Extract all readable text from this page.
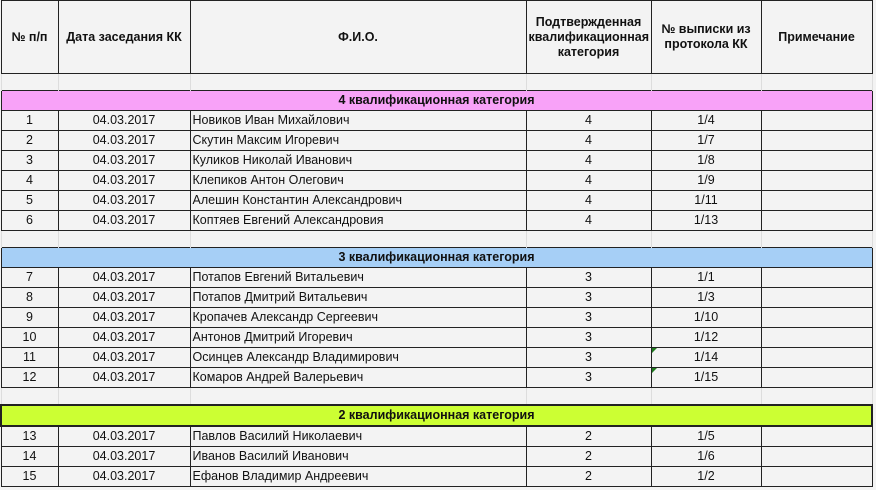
№ п/п	Дата заседания КК	Ф.И.О.	Подтвержденная квалификационная категория	№ выписки из протокола КК	Примечание

4 квалификационная категория					
1	04.03.2017	Новиков Иван Михайлович	4	1/4	
2	04.03.2017	Скутин Максим Игоревич	4	1/7	
3	04.03.2017	Куликов Николай Иванович	4	1/8	
4	04.03.2017	Клепиков Антон Олегович	4	1/9	
5	04.03.2017	Алешин Константин Александрович	4	1/11	
6	04.03.2017	Коптяев Евгений Александровия	4	1/13	

3 квалификационная категория					
7	04.03.2017	Потапов Евгений Витальевич	3	1/1	
8	04.03.2017	Потапов Дмитрий Витальевич	3	1/3	
9	04.03.2017	Кропачев Александр Сергеевич	3	1/10	
10	04.03.2017	Антонов Дмитрий Игоревич	3	1/12	
11	04.03.2017	Осинцев Александр Владимирович	3	1/14	
12	04.03.2017	Комаров Андрей Валерьевич	3	1/15	

2 квалификационная категория					
13	04.03.2017	Павлов Василий Николаевич	2	1/5	
14	04.03.2017	Иванов Василий Иванович	2	1/6	
15	04.03.2017	Ефанов Владимир Андреевич	2	1/2	
